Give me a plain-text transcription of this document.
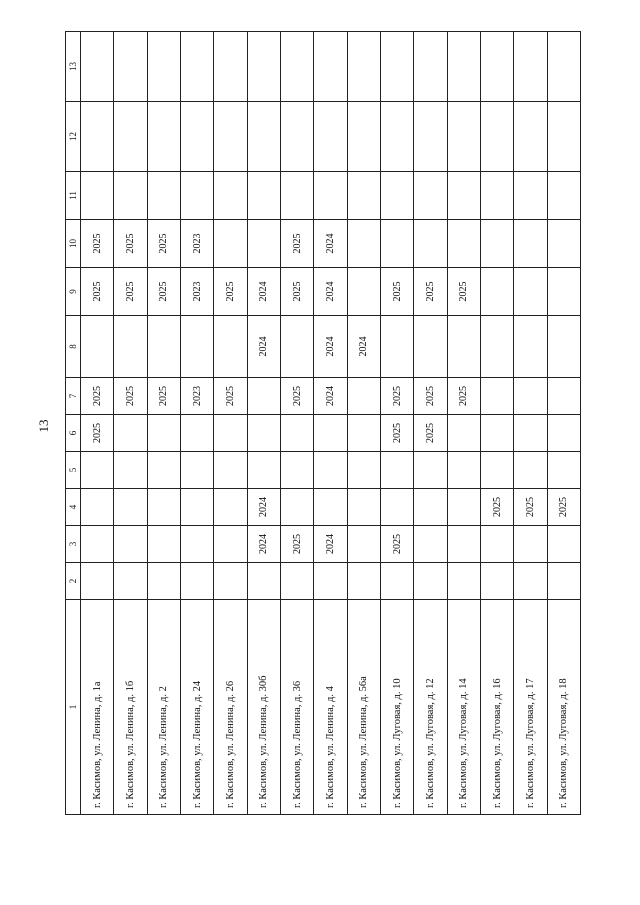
13
1	2	3	4	5	6	7	8	9	10	11	12	13
г. Касимов, ул. Ленина, д. 1а					2025	2025		2025	2025			
г. Касимов, ул. Ленина, д. 1б						2025		2025	2025			
г. Касимов, ул. Ленина, д. 2						2025		2025	2025			
г. Касимов, ул. Ленина, д. 24						2023		2023	2023			
г. Касимов, ул. Ленина, д. 26						2025		2025				
г. Касимов, ул. Ленина, д. 30б		2024	2024				2024	2024				
г. Касимов, ул. Ленина, д. 36		2025				2025		2025	2025			
г. Касимов, ул. Ленина, д. 4		2024				2024	2024	2024	2024			
г. Касимов, ул. Ленина, д. 56а							2024					
г. Касимов, ул. Луговая, д. 10		2025			2025	2025		2025				
г. Касимов, ул. Луговая, д. 12					2025	2025		2025				
г. Касимов, ул. Луговая, д. 14						2025		2025				
г. Касимов, ул. Луговая, д. 16			2025									
г. Касимов, ул. Луговая, д. 17			2025									
г. Касимов, ул. Луговая, д. 18			2025									
